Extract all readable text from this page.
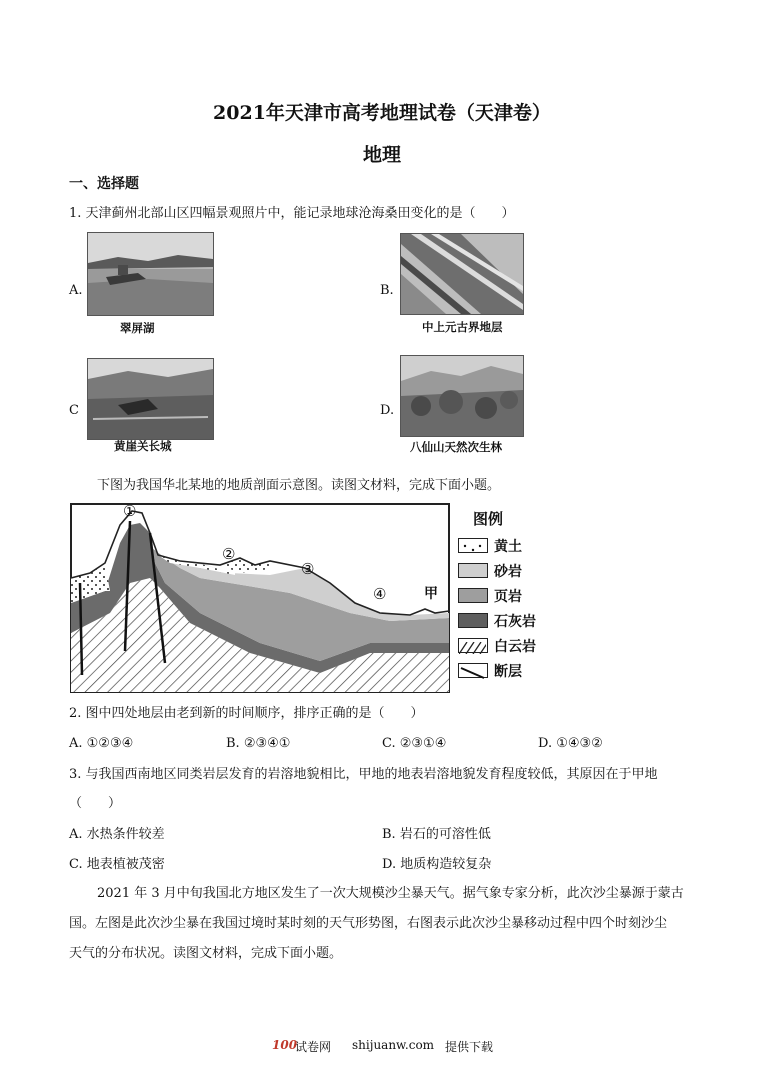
2021年天津市高考地理试卷（天津卷）
地理
一、选择题
1. 天津蓟州北部山区四幅景观照片中，能记录地球沧海桑田变化的是（　　）
A.
翠屏湖
B.
中上元古界地层
C
黄崖关长城
D.
八仙山天然次生林
下图为我国华北某地的地质剖面示意图。读图文材料，完成下面小题。
①
②
③
④	甲
图例
黄土
砂岩
页岩
石灰岩
白云岩
断层
2. 图中四处地层由老到新的时间顺序，排序正确的是（　　）
A. ①②③④	B. ②③④①	C. ②③①④	D. ①④③②
3. 与我国西南地区同类岩层发育的岩溶地貌相比，甲地的地表岩溶地貌发育程度较低，其原因在于甲地
（　　）
A. 水热条件较差	B. 岩石的可溶性低
C. 地表植被茂密	D. 地质构造较复杂
2021 年 3 月中旬我国北方地区发生了一次大规模沙尘暴天气。据气象专家分析，此次沙尘暴源于蒙古
国。左图是此次沙尘暴在我国过境时某时刻的天气形势图，右图表示此次沙尘暴移动过程中四个时刻沙尘
天气的分布状况。读图文材料，完成下面小题。
100
试卷网 shijuanw.com 提供下载
